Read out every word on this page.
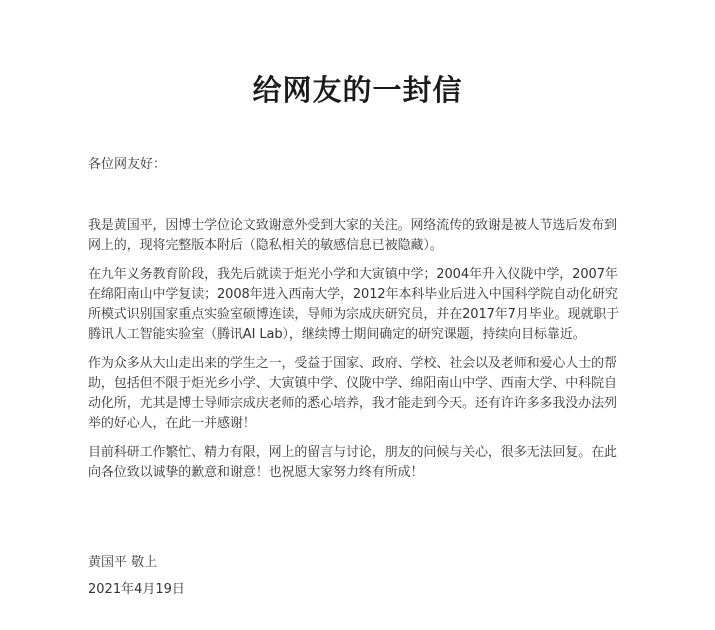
给网友的一封信
各位网友好：
我是黄国平，因博士学位论文致谢意外受到大家的关注。网络流传的致谢是被人节选后发布到
网上的，现将完整版本附后（隐私相关的敏感信息已被隐藏）。
在九年义务教育阶段，我先后就读于炬光小学和大寅镇中学；2004年升入仪陇中学，2007年
在绵阳南山中学复读；2008年进入西南大学，2012年本科毕业后进入中国科学院自动化研究
所模式识别国家重点实验室硕博连读，导师为宗成庆研究员，并在2017年7月毕业。现就职于
腾讯人工智能实验室（腾讯AI Lab），继续博士期间确定的研究课题，持续向目标靠近。
作为众多从大山走出来的学生之一，受益于国家、政府、学校、社会以及老师和爱心人士的帮
助，包括但不限于炬光乡小学、大寅镇中学、仪陇中学、绵阳南山中学、西南大学、中科院自
动化所，尤其是博士导师宗成庆老师的悉心培养，我才能走到今天。还有许许多多我没办法列
举的好心人，在此一并感谢！
目前科研工作繁忙、精力有限，网上的留言与讨论，朋友的问候与关心，很多无法回复。在此
向各位致以诚挚的歉意和谢意！也祝愿大家努力终有所成！
黄国平 敬上
2021年4月19日
